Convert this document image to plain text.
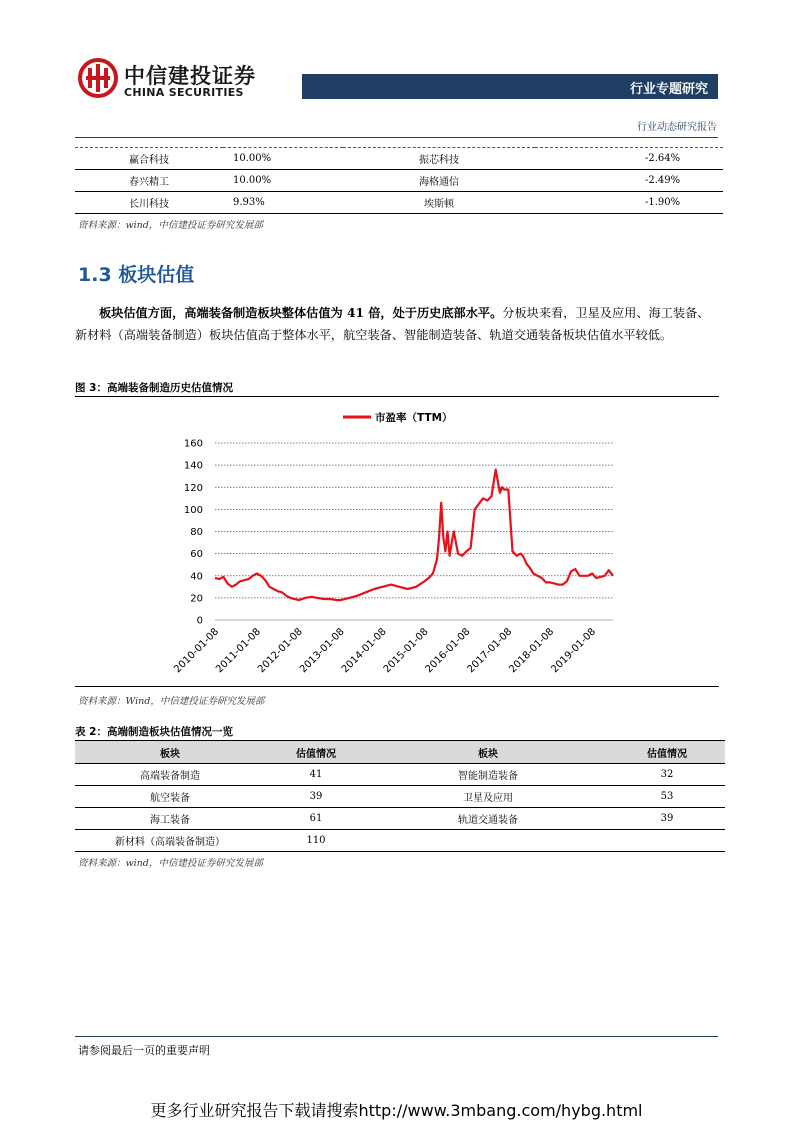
中信建投证券
CHINA SECURITIES	行业专题研究
行业动态研究报告
赢合科技	10.00%	振芯科技	-2.64%
春兴精工	10.00%	海格通信	-2.49%
长川科技	9.93%	埃斯顿	-1.90%
资料来源：wind，中信建投证券研究发展部
1.3 板块估值
板块估值方面，高端装备制造板块整体估值为 41 倍，处于历史底部水平。分板块来看，卫星及应用、海工装备、新材料（高端装备制造）板块估值高于整体水平，航空装备、智能制造装备、轨道交通装备板块估值水平较低。
图 3：高端装备制造历史估值情况
市盈率（TTM）
0
20
40
60
80
100
120
140
160
2010-01-08
2011-01-08
2012-01-08
2013-01-08
2014-01-08
2015-01-08
2016-01-08
2017-01-08
2018-01-08
2019-01-08
资料来源：Wind，中信建投证券研究发展部
表 2：高端制造板块估值情况一览
板块	估值情况	板块	估值情况
高端装备制造	41	智能制造装备	32
航空装备	39	卫星及应用	53
海工装备	61	轨道交通装备	39
新材料（高端装备制造）	110		
资料来源：wind，中信建投证券研究发展部
请参阅最后一页的重要声明
更多行业研究报告下载请搜索http://www.3mbang.com/hybg.html
